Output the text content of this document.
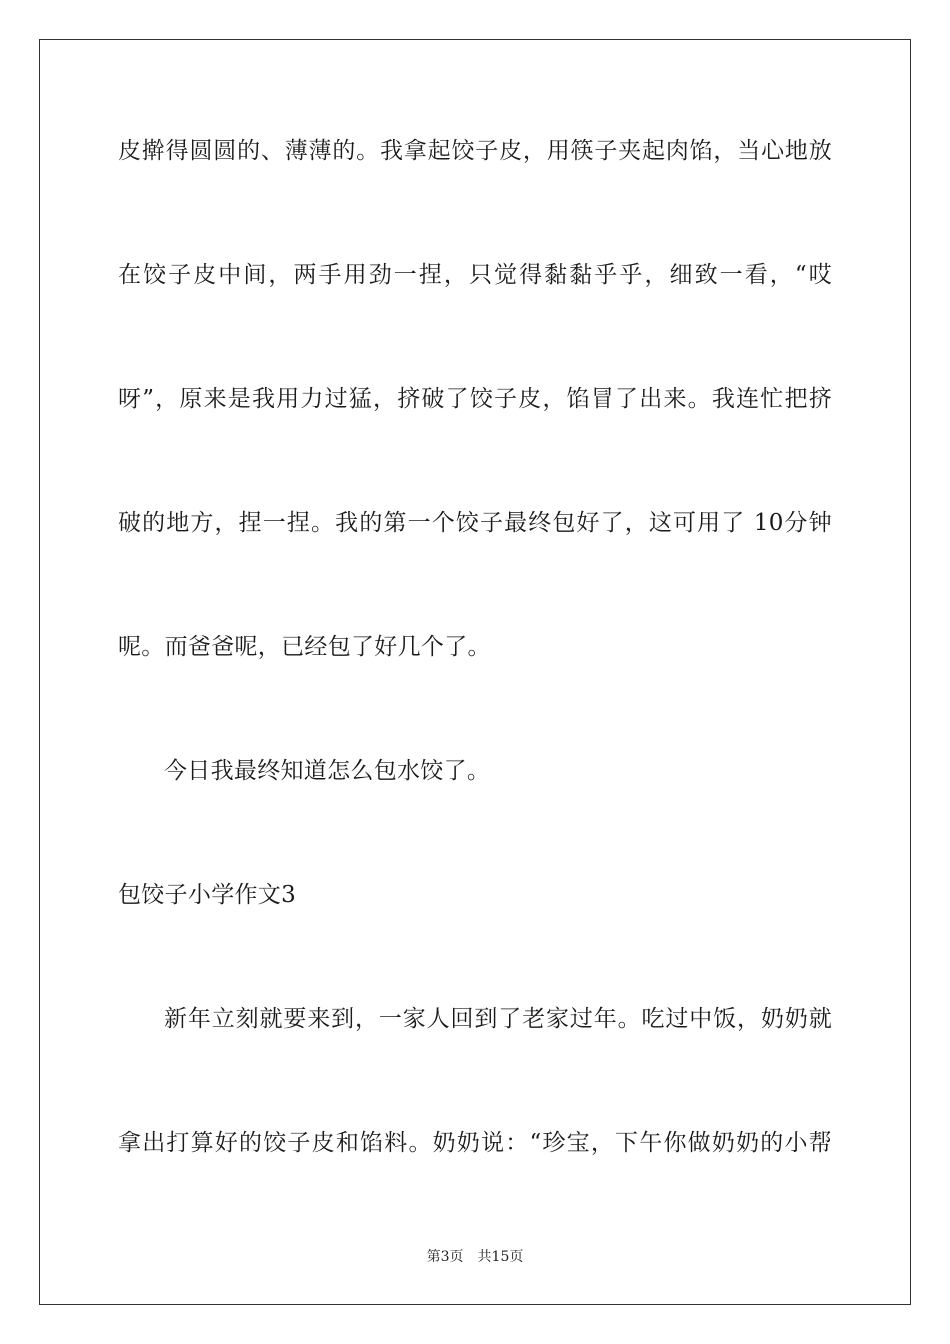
皮擀得圆圆的、薄薄的。我拿起饺子皮，用筷子夹起肉馅，当心地放
在饺子皮中间，两手用劲一捏，只觉得黏黏乎乎，细致一看，“哎
呀”，原来是我用力过猛，挤破了饺子皮，馅冒了出来。我连忙把挤
破的地方，捏一捏。我的第一个饺子最终包好了，这可用了 10分钟
呢。而爸爸呢，已经包了好几个了。
今日我最终知道怎么包水饺了。
包饺子小学作文3
新年立刻就要来到，一家人回到了老家过年。吃过中饭，奶奶就
拿出打算好的饺子皮和馅料。奶奶说：“珍宝，下午你做奶奶的小帮
第3页 共15页
